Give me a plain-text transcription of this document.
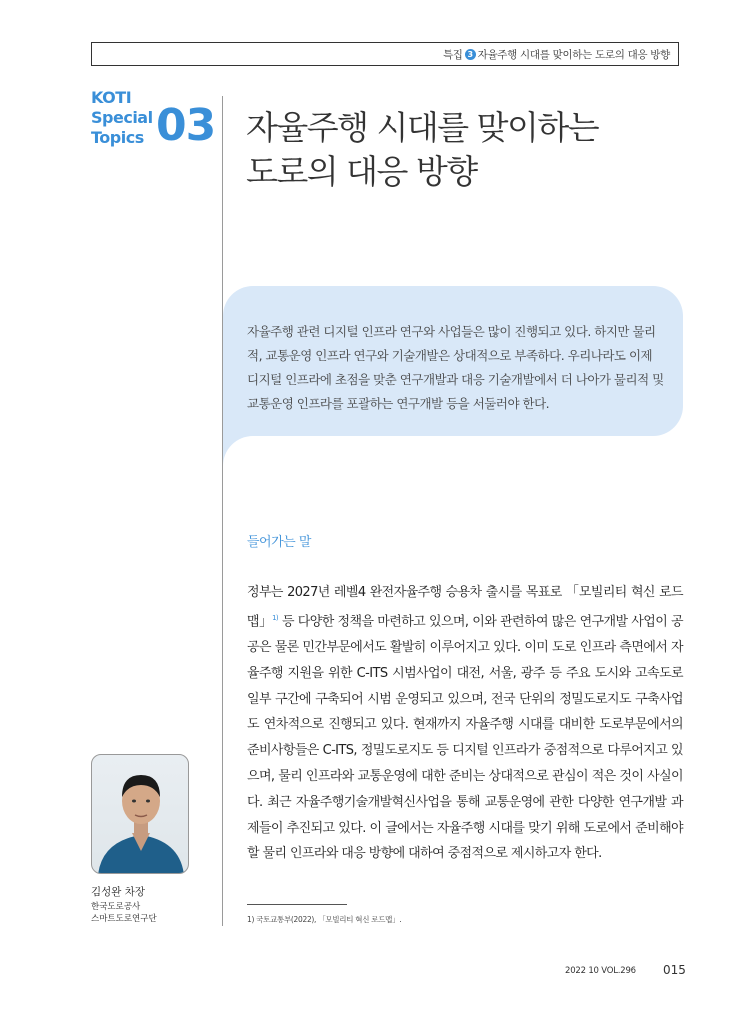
특집 3 자율주행 시대를 맞이하는 도로의 대응 방향
KOTI
Special
Topics 03 자율주행 시대를 맞이하는
도로의 대응 방향
자율주행 관련 디지털 인프라 연구와 사업들은 많이 진행되고 있다. 하지만 물리적, 교통운영 인프라 연구와 기술개발은 상대적으로 부족하다. 우리나라도 이제 디지털 인프라에 초점을 맞춘 연구개발과 대응 기술개발에서 더 나아가 물리적 및 교통운영 인프라를 포괄하는 연구개발 등을 서둘러야 한다.
들어가는 말
정부는 2027년 레벨4 완전자율주행 승용차 출시를 목표로 「모빌리티 혁신 로드맵」$^{1)}$ 등 다양한 정책을 마련하고 있으며, 이와 관련하여 많은 연구개발 사업이 공공은 물론 민간부문에서도 활발히 이루어지고 있다. 이미 도로 인프라 측면에서 자율주행 지원을 위한 C-ITS 시범사업이 대전, 서울, 광주 등 주요 도시와 고속도로 일부 구간에 구축되어 시범 운영되고 있으며, 전국 단위의 정밀도로지도 구축사업도 연차적으로 진행되고 있다. 현재까지 자율주행 시대를 대비한 도로부문에서의 준비사항들은 C-ITS, 정밀도로지도 등 디지털 인프라가 중점적으로 다루어지고 있으며, 물리 인프라와 교통운영에 대한 준비는 상대적으로 관심이 적은 것이 사실이다. 최근 자율주행기술개발혁신사업을 통해 교통운영에 관한 다양한 연구개발 과제들이 추진되고 있다. 이 글에서는 자율주행 시대를 맞기 위해 도로에서 준비해야 할 물리 인프라와 대응 방향에 대하여 중점적으로 제시하고자 한다.
1) 국토교통부(2022), 「모빌리티 혁신 로드맵」.
김성완 차장
한국도로공사
스마트도로연구단
2022 10 VOL.296 015
